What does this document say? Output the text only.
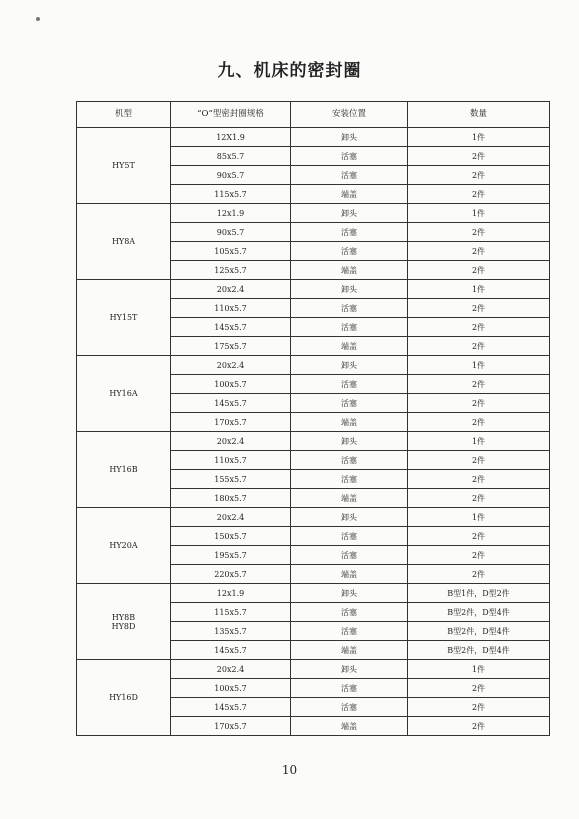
九、机床的密封圈
机型	“O”型密封圈规格	安装位置	数量
HY5T	12X1.9	卸头	1件
	85x5.7	活塞	2件
	90x5.7	活塞	2件
	115x5.7	端盖	2件
HY8A	12x1.9	卸头	1件
	90x5.7	活塞	2件
	105x5.7	活塞	2件
	125x5.7	端盖	2件
HY15T	20x2.4	卸头	1件
	110x5.7	活塞	2件
	145x5.7	活塞	2件
	175x5.7	端盖	2件
HY16A	20x2.4	卸头	1件
	100x5.7	活塞	2件
	145x5.7	活塞	2件
	170x5.7	端盖	2件
HY16B	20x2.4	卸头	1件
	110x5.7	活塞	2件
	155x5.7	活塞	2件
	180x5.7	端盖	2件
HY20A	20x2.4	卸头	1件
	150x5.7	活塞	2件
	195x5.7	活塞	2件
	220x5.7	端盖	2件
HY8B
HY8D	12x1.9	卸头	B型1件，D型2件
	115x5.7	活塞	B型2件，D型4件
	135x5.7	活塞	B型2件，D型4件
	145x5.7	端盖	B型2件，D型4件
HY16D	20x2.4	卸头	1件
	100x5.7	活塞	2件
	145x5.7	活塞	2件
	170x5.7	端盖	2件
10
